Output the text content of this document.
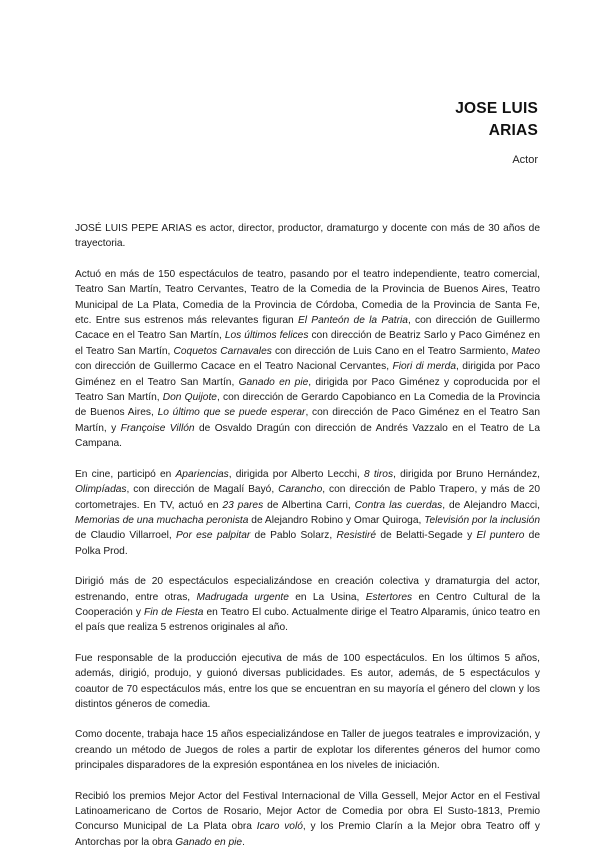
JOSE LUIS
ARIAS
Actor

JOSÉ LUIS PEPE ARIAS es actor, director, productor, dramaturgo y docente con más de 30 años de trayectoria.

Actuó en más de 150 espectáculos de teatro, pasando por el teatro independiente, teatro comercial, Teatro San Martín, Teatro Cervantes, Teatro de la Comedia de la Provincia de Buenos Aires, Teatro Municipal de La Plata, Comedia de la Provincia de Córdoba, Comedia de la Provincia de Santa Fe, etc. Entre sus estrenos más relevantes figuran El Panteón de la Patria, con dirección de Guillermo Cacace en el Teatro San Martín, Los últimos felices con dirección de Beatriz Sarlo y Paco Giménez en el Teatro San Martín, Coquetos Carnavales con dirección de Luis Cano en el Teatro Sarmiento, Mateo con dirección de Guillermo Cacace en el Teatro Nacional Cervantes, Fiori di merda, dirigida por Paco Giménez en el Teatro San Martín, Ganado en pie, dirigida por Paco Giménez y coproducida por el Teatro San Martín, Don Quijote, con dirección de Gerardo Capobianco en La Comedia de la Provincia de Buenos Aires, Lo último que se puede esperar, con dirección de Paco Giménez en el Teatro San Martín, y Françoise Villón de Osvaldo Dragún con dirección de Andrés Vazzalo en el Teatro de La Campana.

En cine, participó en Apariencias, dirigida por Alberto Lecchi, 8 tiros, dirigida por Bruno Hernández, Olimpíadas, con dirección de Magalí Bayó, Carancho, con dirección de Pablo Trapero, y más de 20 cortometrajes. En TV, actuó en 23 pares de Albertina Carri, Contra las cuerdas, de Alejandro Macci, Memorias de una muchacha peronista de Alejandro Robino y Omar Quiroga, Televisión por la inclusión de Claudio Villarroel, Por ese palpitar de Pablo Solarz, Resistiré de Belatti-Segade y El puntero de Polka Prod.

Dirigió más de 20 espectáculos especializándose en creación colectiva y dramaturgia del actor, estrenando, entre otras, Madrugada urgente en La Usina, Estertores en Centro Cultural de la Cooperación y Fin de Fiesta en Teatro El cubo. Actualmente dirige el Teatro Alparamis, único teatro en el país que realiza 5 estrenos originales al año.

Fue responsable de la producción ejecutiva de más de 100 espectáculos. En los últimos 5 años, además, dirigió, produjo, y guionó diversas publicidades. Es autor, además, de 5 espectáculos y coautor de 70 espectáculos más, entre los que se encuentran en su mayoría el género del clown y los distintos géneros de comedia.

Como docente, trabaja hace 15 años especializándose en Taller de juegos teatrales e improvización, y creando un método de Juegos de roles a partir de explotar los diferentes géneros del humor como principales disparadores de la expresión espontánea en los niveles de iniciación.

Recibió los premios Mejor Actor del Festival Internacional de Villa Gessell, Mejor Actor en el Festival Latinoamericano de Cortos de Rosario, Mejor Actor de Comedia por obra El Susto-1813, Premio Concurso Municipal de La Plata obra Icaro voló, y los Premio Clarín a la Mejor obra Teatro off y Antorchas por la obra Ganado en pie.
